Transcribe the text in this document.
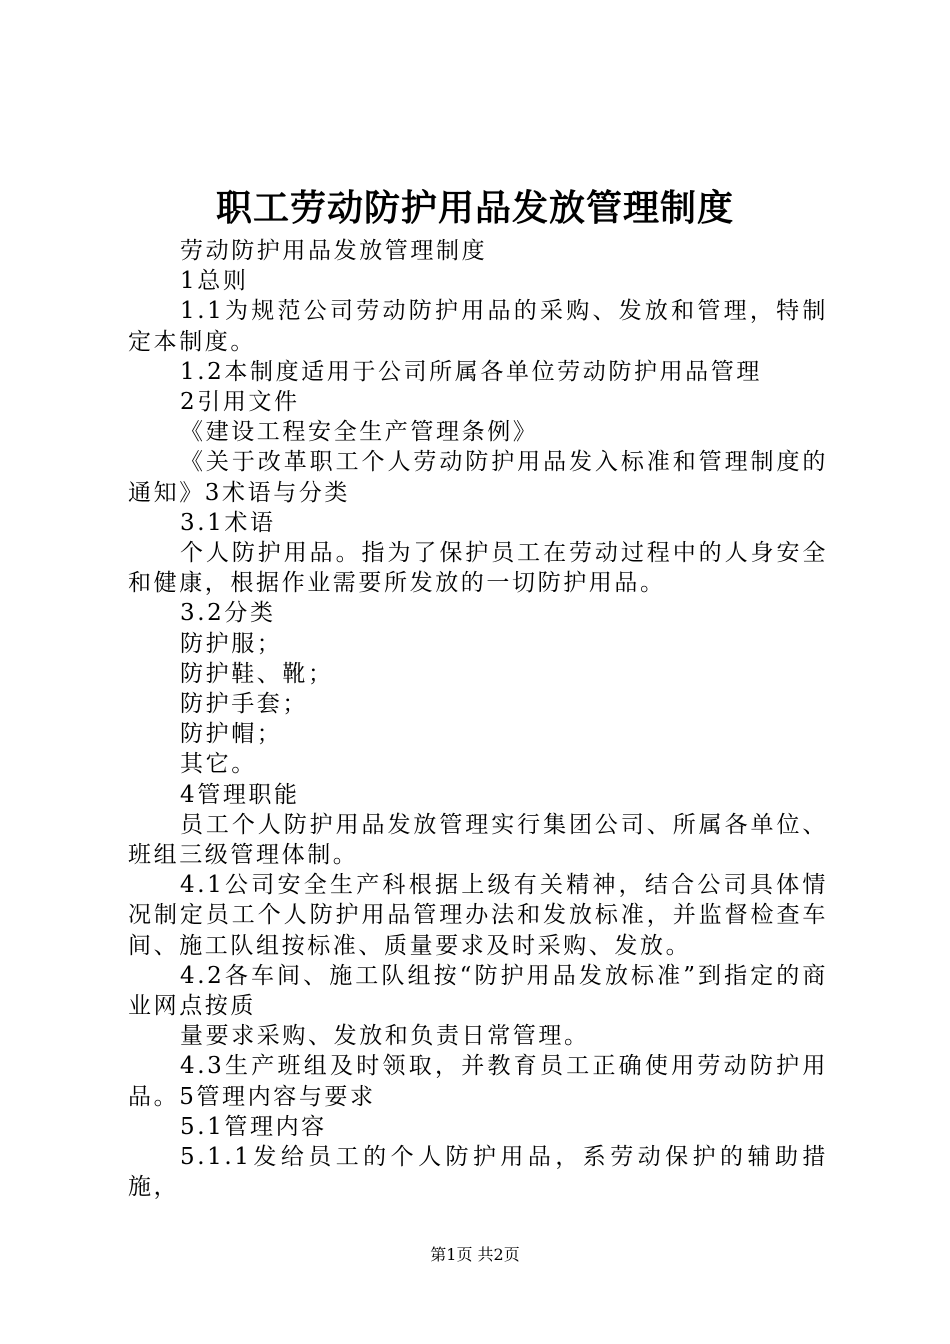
职工劳动防护用品发放管理制度

劳动防护用品发放管理制度

1总则

1.1为规范公司劳动防护用品的采购、发放和管理，特制定本制度。

1.2本制度适用于公司所属各单位劳动防护用品管理

2引用文件

《建设工程安全生产管理条例》

《关于改革职工个人劳动防护用品发入标准和管理制度的通知》3术语与分类

3.1术语

个人防护用品。指为了保护员工在劳动过程中的人身安全和健康，根据作业需要所发放的一切防护用品。

3.2分类

防护服；

防护鞋、靴；

防护手套；

防护帽；

其它。

4管理职能

员工个人防护用品发放管理实行集团公司、所属各单位、班组三级管理体制。

4.1公司安全生产科根据上级有关精神，结合公司具体情况制定员工个人防护用品管理办法和发放标准，并监督检查车间、施工队组按标准、质量要求及时采购、发放。

4.2各车间、施工队组按“防护用品发放标准”到指定的商业网点按质

量要求采购、发放和负责日常管理。

4.3生产班组及时领取，并教育员工正确使用劳动防护用品。5管理内容与要求

5.1管理内容

5.1.1发给员工的个人防护用品，系劳动保护的辅助措施，

第1页 共2页
